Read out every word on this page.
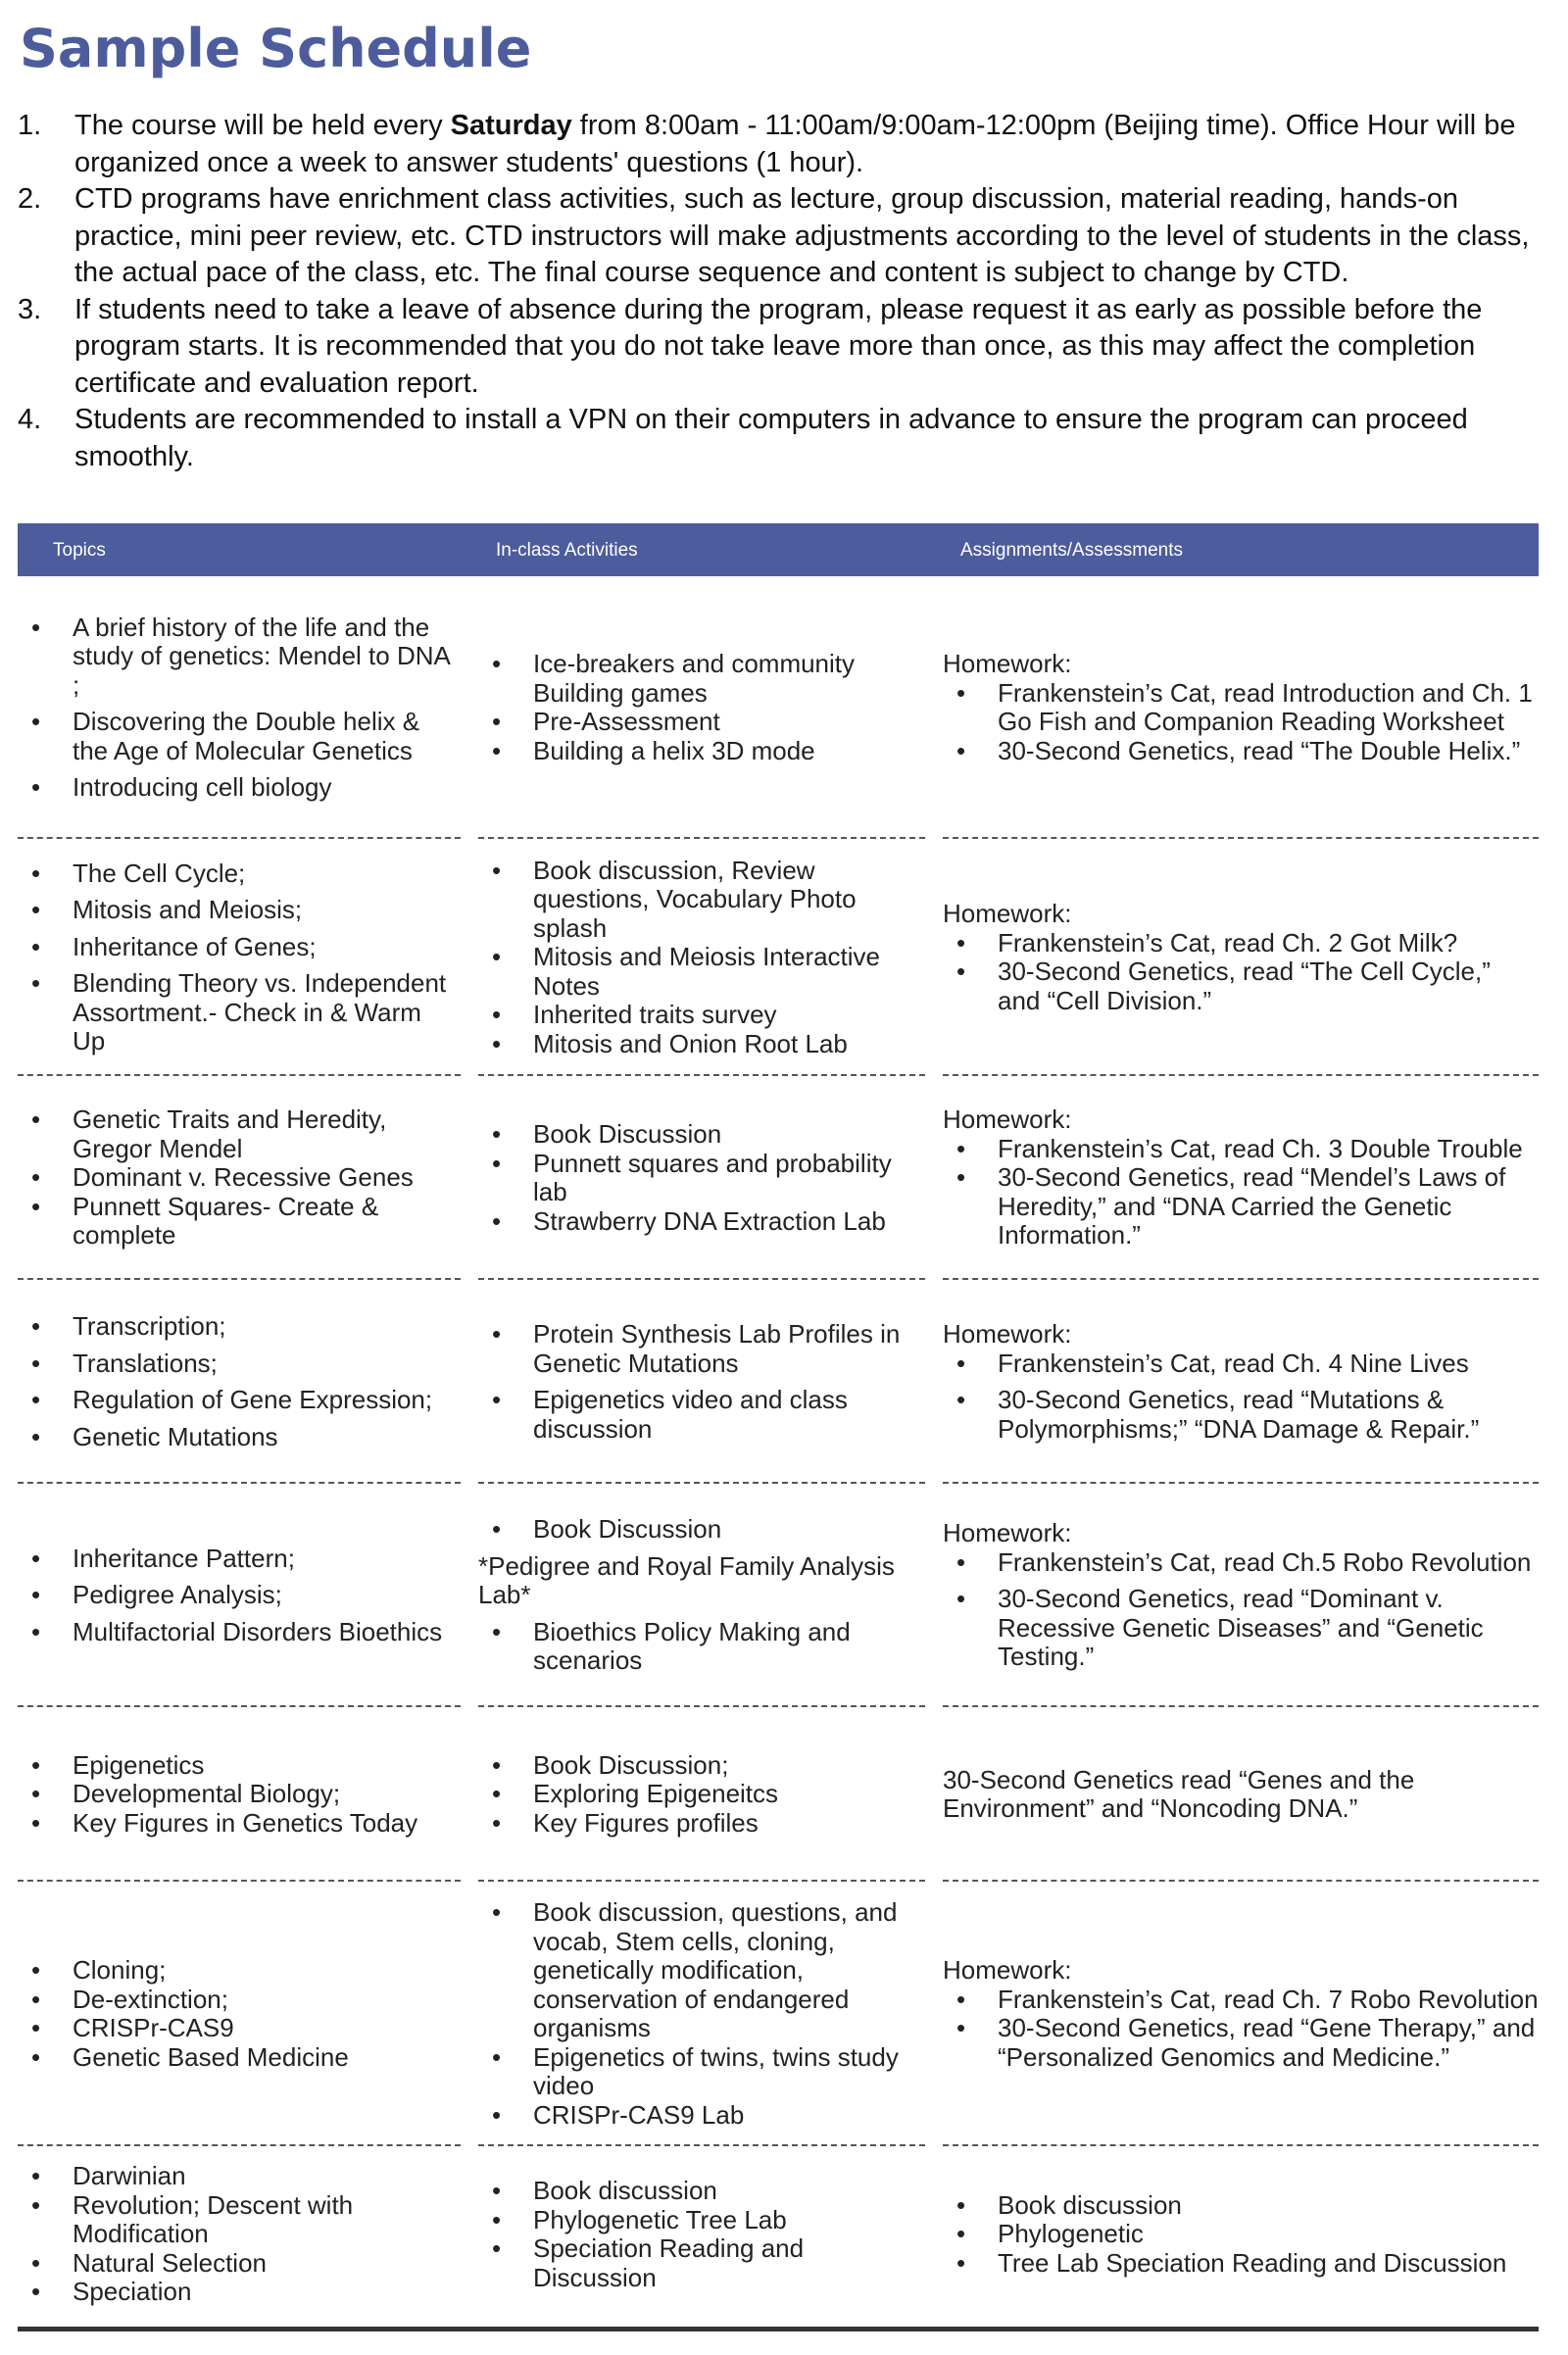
Sample Schedule
1. The course will be held every Saturday from 8:00am - 11:00am/9:00am-12:00pm (Beijing time). Office Hour will be organized once a week to answer students' questions (1 hour).
2. CTD programs have enrichment class activities, such as lecture, group discussion, material reading, hands-on practice, mini peer review, etc. CTD instructors will make adjustments according to the level of students in the class, the actual pace of the class, etc. The final course sequence and content is subject to change by CTD.
3. If students need to take a leave of absence during the program, please request it as early as possible before the program starts. It is recommended that you do not take leave more than once, as this may affect the completion certificate and evaluation report.
4. Students are recommended to install a VPN on their computers in advance to ensure the program can proceed smoothly.
Topics	In-class Activities	Assignments/Assessments
• A brief history of the life and the study of genetics: Mendel to DNA ;
• Discovering the Double helix & the Age of Molecular Genetics
• Introducing cell biology
• Ice-breakers and community Building games
• Pre-Assessment
• Building a helix 3D mode

Homework:

• Frankenstein’s Cat, read Introduction and Ch. 1 Go Fish and Companion Reading Worksheet
• 30-Second Genetics, read “The Double Helix.”
• The Cell Cycle;
• Mitosis and Meiosis;
• Inheritance of Genes;
• Blending Theory vs. Independent Assortment.- Check in & Warm Up
• Book discussion, Review questions, Vocabulary Photo splash
• Mitosis and Meiosis Interactive Notes
• Inherited traits survey
• Mitosis and Onion Root Lab

Homework:

• Frankenstein’s Cat, read Ch. 2 Got Milk?
• 30-Second Genetics, read “The Cell Cycle,” and “Cell Division.”
• Genetic Traits and Heredity, Gregor Mendel
• Dominant v. Recessive Genes
• Punnett Squares- Create & complete
• Book Discussion
• Punnett squares and probability lab
• Strawberry DNA Extraction Lab

Homework:

• Frankenstein’s Cat, read Ch. 3 Double Trouble
• 30-Second Genetics, read “Mendel’s Laws of Heredity,” and “DNA Carried the Genetic Information.”
• Transcription;
• Translations;
• Regulation of Gene Expression;
• Genetic Mutations
• Protein Synthesis Lab Profiles in Genetic Mutations
• Epigenetics video and class discussion

Homework:

• Frankenstein’s Cat, read Ch. 4 Nine Lives
• 30-Second Genetics, read “Mutations & Polymorphisms;” “DNA Damage & Repair.”
• Inheritance Pattern;
• Pedigree Analysis;
• Multifactorial Disorders Bioethics
• Book Discussion

*Pedigree and Royal Family Analysis Lab*

• Bioethics Policy Making and scenarios

Homework:

• Frankenstein’s Cat, read Ch.5 Robo Revolution
• 30-Second Genetics, read “Dominant v. Recessive Genetic Diseases” and “Genetic Testing.”
• Epigenetics
• Developmental Biology;
• Key Figures in Genetics Today
• Book Discussion;
• Exploring Epigeneitcs
• Key Figures profiles

30-Second Genetics read “Genes and the Environment” and “Noncoding DNA.”

• Cloning;
• De-extinction;
• CRISPr-CAS9
• Genetic Based Medicine
• Book discussion, questions, and vocab, Stem cells, cloning, genetically modification, conservation of endangered organisms
• Epigenetics of twins, twins study video
• CRISPr-CAS9 Lab

Homework:

• Frankenstein’s Cat, read Ch. 7 Robo Revolution
• 30-Second Genetics, read “Gene Therapy,” and “Personalized Genomics and Medicine.”
• Darwinian
• Revolution; Descent with Modification
• Natural Selection
• Speciation
• Book discussion
• Phylogenetic Tree Lab
• Speciation Reading and Discussion
• Book discussion
• Phylogenetic
• Tree Lab Speciation Reading and Discussion
